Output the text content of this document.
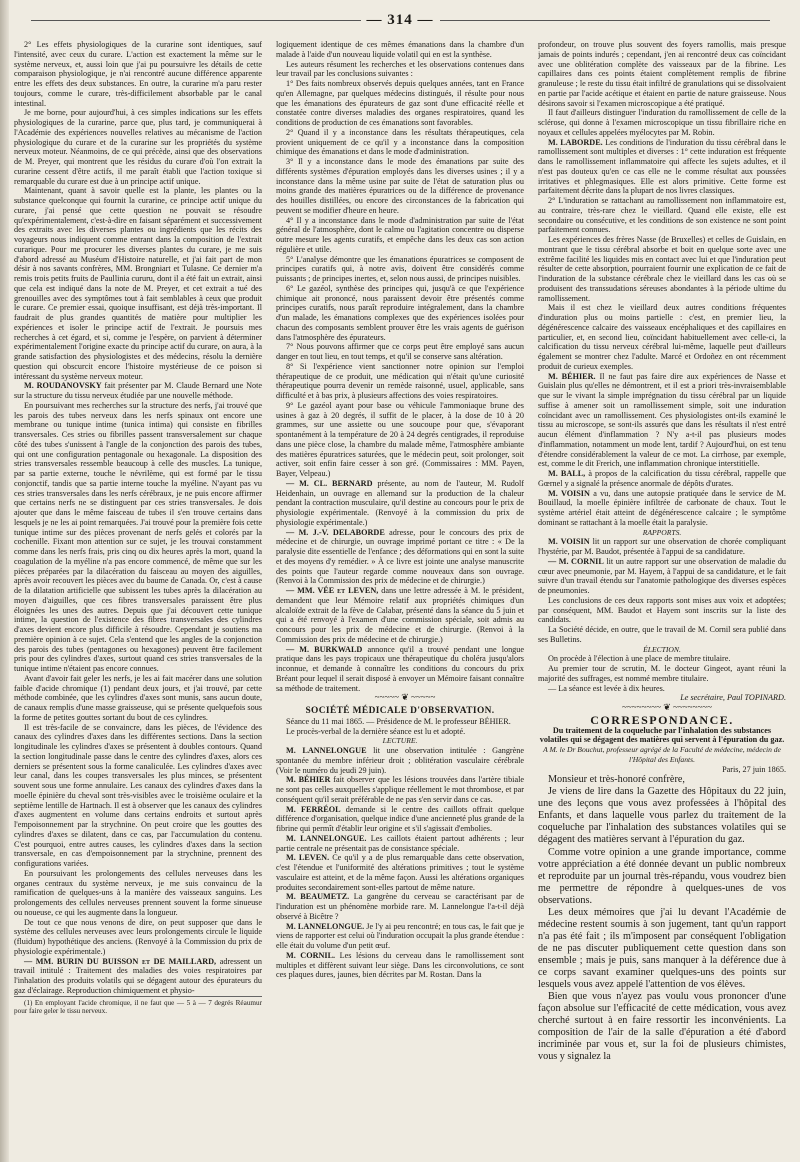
— 314 —

2° Les effets physiologiques de la curarine sont identiques, sauf l'intensité, avec ceux du curare. L'action est exactement la même sur le système nerveux, et, aussi loin que j'ai pu poursuivre les détails de cette comparaison physiologique, je n'ai rencontré aucune différence apparente entre les effets des deux substances. En outre, la curarine m'a paru rester toujours, comme le curare, très-difficilement absorbable par le canal intestinal.

Je me borne, pour aujourd'hui, à ces simples indications sur les effets physiologiques de la curarine, parce que, plus tard, je communiquerai à l'Académie des expériences nouvelles relatives au mécanisme de l'action physiologique du curare et de la curarine sur les propriétés du système nerveux moteur. Néanmoins, de ce qui précède, ainsi que des observations de M. Preyer, qui montrent que les résidus du curare d'où l'on extrait la curarine cessent d'être actifs, il me paraît établi que l'action toxique si remarquable du curare est due à un principe actif unique.

Maintenant, quant à savoir quelle est la plante, les plantes ou la substance quelconque qui fournit la curarine, ce principe actif unique du curare, j'ai pensé que cette question ne pouvait se résoudre qu'expérimentalement, c'est-à-dire en faisant séparément et successivement des extraits avec les diverses plantes ou ingrédients que les récits des voyageurs nous indiquent comme entrant dans la composition de l'extrait curarique. Pour me procurer les diverses plantes du curare, je me suis d'abord adressé au Muséum d'Histoire naturelle, et j'ai fait part de mon désir à nos savants confrères, MM. Brongniart et Tulasne. Ce dernier m'a remis trois petits fruits de Paullinia cururu, dont il a été fait un extrait, ainsi que cela est indiqué dans la note de M. Preyer, et cet extrait a tué des grenouilles avec des symptômes tout à fait semblables à ceux que produit le curare. Ce premier essai, quoique insuffisant, est déjà très-important. Il faudrait de plus grandes quantités de matière pour multiplier les expériences et isoler le principe actif de l'extrait. Je poursuis mes recherches à cet égard, et si, comme je l'espère, on parvient à déterminer expérimentalement l'origine exacte du principe actif du curare, on aura, à la grande satisfaction des physiologistes et des médecins, résolu la dernière question qui obscurcit encore l'histoire mystérieuse de ce poison si intéressant du système nerveux moteur.

M. ROUDANOVSKY fait présenter par M. Claude Bernard une Note sur la structure du tissu nerveux étudiée par une nouvelle méthode.

En poursuivant mes recherches sur la structure des nerfs, j'ai trouvé que les parois des tubes nerveux dans les nerfs spinaux ont encore une membrane ou tunique intime (tunica intima) qui consiste en fibrilles transversales. Ces stries ou fibrilles passent transversalement sur chaque côté des tubes s'unissent à l'angle de la conjonction des parois des tubes, qui ont une configuration pentagonale ou hexagonale. La disposition des stries transversales ressemble beaucoup à celle des muscles. La tunique, par sa partie externe, touche le névrilème, qui est formé par le tissu conjonctif, tandis que sa partie interne touche la myéline. N'ayant pas vu ces stries transversales dans les nerfs cérébraux, je ne puis encore affirmer que certains nerfs ne se distinguent par ces stries transversales. Je dois ajouter que dans le même faisceau de tubes il s'en trouve certains dans lesquels je ne les ai point remarquées. J'ai trouvé pour la première fois cette tunique intime sur des pièces provenant de nerfs gelés et colorés par la cochenille. Fixant mon attention sur ce sujet, je les trouvai constamment comme dans les nerfs frais, pris cinq ou dix heures après la mort, quand la coagulation de la myéline n'a pas encore commencé, de même que sur les pièces préparées par la dilacération du faisceau au moyen des aiguilles, après avoir recouvert les pièces avec du baume de Canada. Or, c'est à cause de la dilatation artificielle que subissent les tubes après la dilacération au moyen d'aiguilles, que ces fibres transversales paraissent être plus éloignées les unes des autres. Depuis que j'ai découvert cette tunique intime, la question de l'existence des fibres transversales des cylindres d'axes devient encore plus difficile à résoudre. Cependant je soutiens ma première opinion à ce sujet. Cela s'entend que les angles de la conjonction des parois des tubes (pentagones ou hexagones) peuvent être facilement pris pour des cylindres d'axes, surtout quand ces stries transversales de la tunique intime n'étaient pas encore connues.

Avant d'avoir fait geler les nerfs, je les ai fait macérer dans une solution faible d'acide chromique (1) pendant deux jours, et j'ai trouvé, par cette méthode combinée, que les cylindres d'axes sont munis, sans aucun doute, de canaux remplis d'une masse graisseuse, qui se présente quelquefois sous la forme de petites gouttes sortant du bout de ces cylindres.

Il est très-facile de se convaincre, dans les pièces, de l'évidence des canaux des cylindres d'axes dans les différentes sections. Dans la section longitudinale les cylindres d'axes se présentent à doubles contours. Quand la section longitudinale passe dans le centre des cylindres d'axes, alors ces derniers se présentent sous la forme canaliculée. Les cylindres d'axes avec leur canal, dans les coupes transversales les plus minces, se présentent souvent sous une forme annulaire. Les canaux des cylindres d'axes dans la moelle épinière du cheval sont très-visibles avec le troisième oculaire et la septième lentille de Hartnach. Il est à observer que les canaux des cylindres d'axes augmentent en volume dans certains endroits et surtout après l'empoisonnement par la strychnine. On peut croire que les gouttes des cylindres d'axes se dilatent, dans ce cas, par l'accumulation du contenu. C'est pourquoi, entre autres causes, les cylindres d'axes dans la section transversale, en cas d'empoisonnement par la strychnine, prennent des configurations variées.

En poursuivant les prolongements des cellules nerveuses dans les organes centraux du système nerveux, je me suis convaincu de la ramification de quelques-uns à la manière des vaisseaux sanguins. Les prolongements des cellules nerveuses prennent souvent la forme sinueuse ou noueuse, ce qui les augmente dans la longueur.

De tout ce que nous venons de dire, on peut supposer que dans le système des cellules nerveuses avec leurs prolongements circule le liquide (fluidum) hypothétique des anciens. (Renvoyé à la Commission du prix de physiologie expérimentale.)

— MM. BURIN DU BUISSON et DE MAILLARD, adressent un travail intitulé : Traitement des maladies des voies respiratoires par l'inhalation des produits volatils qui se dégagent autour des épurateurs du gaz d'éclairage. Reproduction chimiquement et physio-

(1) En employant l'acide chromique, il ne faut que — 5 à — 7 degrés Réaumur pour faire geler le tissu nerveux.

logiquement identique de ces mêmes émanations dans la chambre d'un malade à l'aide d'un nouveau liquide volatil qui en est la synthèse.

Les auteurs résument les recherches et les observations contenues dans leur travail par les conclusions suivantes :

1° Des faits nombreux observés depuis quelques années, tant en France qu'en Allemagne, par quelques médecins distingués, il résulte pour nous que les émanations des épurateurs de gaz sont d'une efficacité réelle et constatée contre diverses maladies des organes respiratoires, quand les conditions de production de ces émanations sont favorables.

2° Quand il y a inconstance dans les résultats thérapeutiques, cela provient uniquement de ce qu'il y a inconstance dans la composition chimique des émanations et dans le mode d'administration.

3° Il y a inconstance dans le mode des émanations par suite des différents systèmes d'épuration employés dans les diverses usines ; il y a inconstance dans la même usine par suite de l'état de saturation plus ou moins grande des matières épuratrices ou de la différence de provenance des houilles distillées, ou encore des circonstances de la fabrication qui peuvent se modifier d'heure en heure.

4° Il y a inconstance dans le mode d'administration par suite de l'état général de l'atmosphère, dont le calme ou l'agitation concentre ou disperse outre mesure les agents curatifs, et empêche dans les deux cas son action régulière et utile.

5° L'analyse démontre que les émanations épuratrices se composent de principes curatifs qui, à notre avis, doivent être considérés comme puissants ; de principes inertes, et, selon nous aussi, de principes nuisibles.

6° Le gazéol, synthèse des principes qui, jusqu'à ce que l'expérience chimique ait prononcé, nous paraissent devoir être présentés comme principes curatifs, nous paraît reproduire intégralement, dans la chambre d'un malade, les émanations complexes que des expériences isolées pour chacun des composants semblent prouver être les vrais agents de guérison dans l'atmosphère des épurateurs.

7° Nous pouvons affirmer que ce corps peut être employé sans aucun danger en tout lieu, en tout temps, et qu'il se conserve sans altération.

8° Si l'expérience vient sanctionner notre opinion sur l'emploi thérapeutique de ce produit, une médication qui n'était qu'une curiosité thérapeutique pourra devenir un remède raisonné, usuel, applicable, sans difficulté et à bas prix, à plusieurs affections des voies respiratoires.

9° Le gazéol ayant pour base ou véhicule l'ammoniaque brune des usines à gaz à 20 degrés, il suffit de le placer, à la dose de 10 à 20 grammes, sur une assiette ou une soucoupe pour que, s'évaporant spontanément à la température de 20 à 24 degrés centigrades, il reproduise dans une pièce close, la chambre du malade même, l'atmosphère ambiante des matières épuratrices saturées, que le médecin peut, soit prolonger, soit activer, soit enfin faire cesser à son gré. (Commissaires : MM. Payen, Bayer, Velpeau.)

— M. CL. BERNARD présente, au nom de l'auteur, M. Rudolf Heidenhain, un ouvrage en allemand sur la production de la chaleur pendant la contraction musculaire, qu'il destine au concours pour le prix de physiologie expérimentale. (Renvoyé à la commission du prix de physiologie expérimentale.)

— M. J.-V. DELABORDE adresse, pour le concours des prix de médecine et de chirurgie, un ouvrage imprimé portant ce titre : « De la paralysie dite essentielle de l'enfance ; des déformations qui en sont la suite et des moyens d'y remédier. » À ce livre est jointe une analyse manuscrite des points que l'auteur regarde comme nouveaux dans son ouvrage. (Renvoi à la Commission des prix de médecine et de chirurgie.)

— MM. VÉE et LEVEN, dans une lettre adressée à M. le président, demandent que leur Mémoire relatif aux propriétés chimiques d'un alcaloïde extrait de la fève de Calabar, présenté dans la séance du 5 juin et qui a été renvoyé à l'examen d'une commission spéciale, soit admis au concours pour les prix de médecine et de chirurgie. (Renvoi à la Commission des prix de médecine et de chirurgie.)

— M. BURKWALD annonce qu'il a trouvé pendant une longue pratique dans les pays tropicaux une thérapeutique du choléra jusqu'alors inconnue, et demande à connaître les conditions du concours du prix Bréant pour lequel il serait disposé à envoyer un Mémoire faisant connaître sa méthode de traitement.

~~~~~ ❦ ~~~~~

SOCIÉTÉ MÉDICALE D'OBSERVATION.

Séance du 11 mai 1865. — Présidence de M. le professeur BÉHIER.

Le procès-verbal de la dernière séance est lu et adopté.

LECTURE.

M. LANNELONGUE lit une observation intitulée : Gangrène spontanée du membre inférieur droit ; oblitération vasculaire cérébrale (Voir le numéro du jeudi 29 juin).

M. BÉHIER fait observer que les lésions trouvées dans l'artère tibiale ne sont pas celles auxquelles s'applique réellement le mot thrombose, et par conséquent qu'il serait préférable de ne pas s'en servir dans ce cas.

M. FERRÉOL demande si le centre des caillots offrait quelque différence d'organisation, quelque indice d'une ancienneté plus grande de la fibrine qui permît d'établir leur origine et s'il s'agissait d'embolies.

M. LANNELONGUE. Les caillots étaient partout adhérents ; leur partie centrale ne présentait pas de consistance spéciale.

M. LEVEN. Ce qu'il y a de plus remarquable dans cette observation, c'est l'étendue et l'uniformité des altérations primitives ; tout le système vasculaire est atteint, et de la même façon. Aussi les altérations organiques produites secondairement sont-elles partout de même nature.

M. BEAUMETZ. La gangrène du cerveau se caractérisant par de l'induration est un phénomène morbide rare. M. Lannelongue l'a-t-il déjà observé à Bicêtre ?

M. LANNELONGUE. Je l'y ai peu rencontré; en tous cas, le fait que je viens de rapporter est celui où l'induration occupait la plus grande étendue : elle était du volume d'un petit œuf.

M. CORNIL. Les lésions du cerveau dans le ramollissement sont multiples et diffèrent suivant leur siège. Dans les circonvolutions, ce sont ces plaques dures, jaunes, bien décrites par M. Rostan. Dans la

profondeur, on trouve plus souvent des foyers ramollis, mais presque jamais de points indurés ; cependant, j'en ai rencontré deux cas coïncidant avec une oblitération complète des vaisseaux par de la fibrine. Les capillaires dans ces points étaient complètement remplis de fibrine granuleuse ; le reste du tissu était infiltré de granulations qui se dissolvaient en partie par l'acide acétique et étaient en partie de nature graisseuse. Nous désirons savoir si l'examen microscopique a été pratiqué.

Il faut d'ailleurs distinguer l'induration du ramollissement de celle de la sclérose, qui donne à l'examen microscopique un tissu fibrillaire riche en noyaux et cellules appelées myélocytes par M. Robin.

M. LABORDE. Les conditions de l'induration du tissu cérébral dans le ramollissement sont multiples et diverses : 1° cette induration est fréquente dans le ramollissement inflammatoire qui affecte les sujets adultes, et il n'est pas douteux qu'en ce cas elle ne le comme résultat aux poussées irritatives et phlegmasiques. Elle est alors primitive. Cette forme est parfaitement décrite dans la plupart de nos livres classiques.

2° L'induration se rattachant au ramollissement non inflammatoire est, au contraire, très-rare chez le vieillard. Quand elle existe, elle est secondaire ou consécutive, et les conditions de son existence ne sont point parfaitement connues.

Les expériences des frères Nasse (de Bruxelles) et celles de Guislain, en montrant que le tissu cérébral absorbe et boit en quelque sorte avec une extrême facilité les liquides mis en contact avec lui et que l'induration peut résulter de cette absorption, pourraient fournir une explication de ce fait de l'induration de la substance cérébrale chez le vieillard dans les cas où se produisent des transsudations séreuses abondantes à la période ultime du ramollissement.

Mais il est chez le vieillard deux autres conditions fréquentes d'induration plus ou moins partielle : c'est, en premier lieu, la dégénérescence calcaire des vaisseaux encéphaliques et des capillaires en particulier, et, en second lieu, coïncidant habituellement avec celle-ci, la calcification du tissu nerveux cérébral lui-même, laquelle peut d'ailleurs également se montrer chez l'adulte. Marcé et Ordoñez en ont récemment produit de curieux exemples.

M. BÉHIER. Il ne faut pas faire dire aux expériences de Nasse et Guislain plus qu'elles ne démontrent, et il est a priori très-invraisemblable que sur le vivant la simple imprégnation du tissu cérébral par un liquide suffise à amener soit un ramollissement simple, soit une induration coïncidant avec un ramollissement. Ces physiologistes ont-ils examiné le tissu au microscope, se sont-ils assurés que dans les résultats il n'est entré aucun élément d'inflammation ? N'y a-t-il pas plusieurs modes d'inflammation, notamment un mode lent, tardif ? Aujourd'hui, on est tenu d'étendre considérablement la valeur de ce mot. La cirrhose, par exemple, est, comme le dit Frerich, une inflammation chronique interstitielle.

M. BALL, à propos de la calcification du tissu cérébral, rappelle que Gœrnel y a signalé la présence anormale de dépôts d'urates.

M. VOISIN a vu, dans une autopsie pratiquée dans le service de M. Bouillaud, la moelle épinière infiltrée de carbonate de chaux. Tout le système artériel était atteint de dégénérescence calcaire ; le symptôme dominant se rattachant à la moelle était la paralysie.

RAPPORTS.

M. VOISIN lit un rapport sur une observation de chorée compliquant l'hystérie, par M. Baudot, présentée à l'appui de sa candidature.

— M. CORNIL lit un autre rapport sur une observation de maladie du cœur avec pneumonie, par M. Hayem, à l'appui de sa candidature, et le fait suivre d'un travail étendu sur l'anatomie pathologique des diverses espèces de pneumonies.

Les conclusions de ces deux rapports sont mises aux voix et adoptées; par conséquent, MM. Baudot et Hayem sont inscrits sur la liste des candidats.

La Société décide, en outre, que le travail de M. Cornil sera publié dans ses Bulletins.

ÉLECTION.

On procède à l'élection à une place de membre titulaire.

Au premier tour de scrutin, M. le docteur Gingeot, ayant réuni la majorité des suffrages, est nommé membre titulaire.

— La séance est levée à dix heures.

Le secrétaire, Paul TOPINARD.

~~~~~~~~ ❦ ~~~~~~~~

CORRESPONDANCE.

Du traitement de la coqueluche par l'inhalation des substances volatiles qui se dégagent des matières qui servent à l'épuration du gaz.

A M. le Dr Bouchut, professeur agrégé de la Faculté de médecine, médecin de l'Hôpital des Enfants.

Paris, 27 juin 1865.

Monsieur et très-honoré confrère,

Je viens de lire dans la Gazette des Hôpitaux du 22 juin, une des leçons que vous avez professées à l'hôpital des Enfants, et dans laquelle vous parlez du traitement de la coqueluche par l'inhalation des substances volatiles qui se dégagent des matières servant à l'épuration du gaz.

Comme votre opinion a une grande importance, comme votre appréciation a été donnée devant un public nombreux et reproduite par un journal très-répandu, vous voudrez bien me permettre de répondre à quelques-unes de vos observations.

Les deux mémoires que j'ai lu devant l'Académie de médecine restent soumis à son jugement, tant qu'un rapport n'a pas été fait ; ils m'imposent par conséquent l'obligation de ne pas discuter publiquement cette question dans son ensemble ; mais je puis, sans manquer à la déférence due à ce corps savant examiner quelques-uns des points sur lesquels vous avez appelé l'attention de vos élèves.

Bien que vous n'ayez pas voulu vous prononcer d'une façon absolue sur l'efficacité de cette médication, vous avez cherché surtout à en faire ressortir les inconvénients. La composition de l'air de la salle d'épuration a été d'abord incriminée par vous et, sur la foi de plusieurs chimistes, vous y signalez la
